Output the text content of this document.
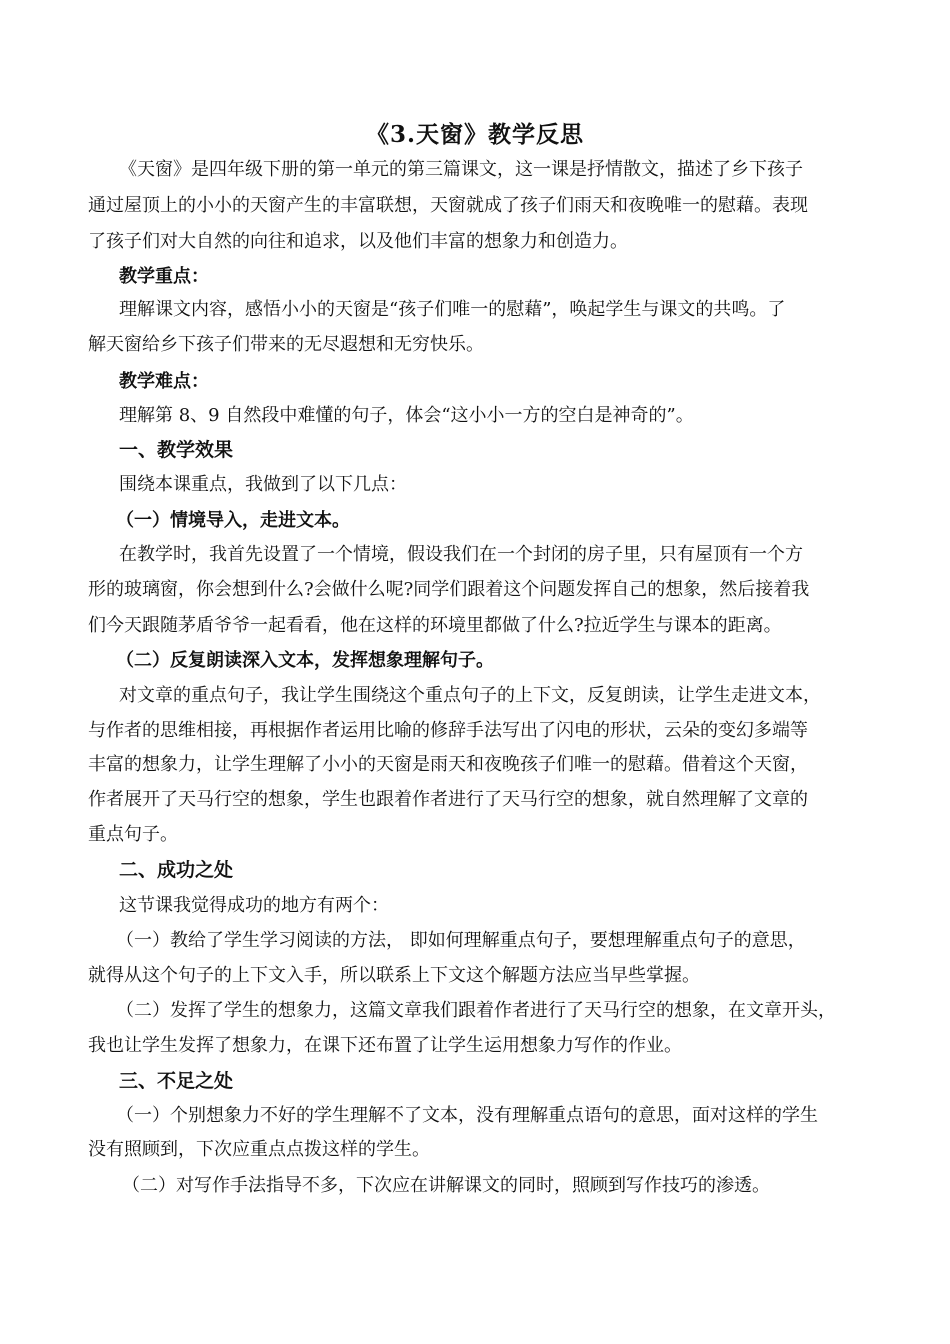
《3.天窗》教学反思
《天窗》是四年级下册的第一单元的第三篇课文，这一课是抒情散文，描述了乡下孩子
通过屋顶上的小小的天窗产生的丰富联想，天窗就成了孩子们雨天和夜晚唯一的慰藉。表现
了孩子们对大自然的向往和追求，以及他们丰富的想象力和创造力。
教学重点：
理解课文内容，感悟小小的天窗是“孩子们唯一的慰藉”，唤起学生与课文的共鸣。了
解天窗给乡下孩子们带来的无尽遐想和无穷快乐。
教学难点：
理解第 8、9 自然段中难懂的句子，体会“这小小一方的空白是神奇的”。
一、教学效果
围绕本课重点，我做到了以下几点：
（一）情境导入，走进文本。
在教学时，我首先设置了一个情境，假设我们在一个封闭的房子里，只有屋顶有一个方
形的玻璃窗，你会想到什么?会做什么呢?同学们跟着这个问题发挥自己的想象，然后接着我
们今天跟随茅盾爷爷一起看看，他在这样的环境里都做了什么?拉近学生与课本的距离。
（二）反复朗读深入文本，发挥想象理解句子。
对文章的重点句子，我让学生围绕这个重点句子的上下文，反复朗读，让学生走进文本，
与作者的思维相接，再根据作者运用比喻的修辞手法写出了闪电的形状，云朵的变幻多端等
丰富的想象力，让学生理解了小小的天窗是雨天和夜晚孩子们唯一的慰藉。借着这个天窗，
作者展开了天马行空的想象，学生也跟着作者进行了天马行空的想象，就自然理解了文章的
重点句子。
二、成功之处
这节课我觉得成功的地方有两个：
（一）教给了学生学习阅读的方法， 即如何理解重点句子，要想理解重点句子的意思，
就得从这个句子的上下文入手，所以联系上下文这个解题方法应当早些掌握。
（二）发挥了学生的想象力，这篇文章我们跟着作者进行了天马行空的想象，在文章开头，
我也让学生发挥了想象力，在课下还布置了让学生运用想象力写作的作业。
三、不足之处
（一）个别想象力不好的学生理解不了文本，没有理解重点语句的意思，面对这样的学生
没有照顾到，下次应重点点拨这样的学生。
（二）对写作手法指导不多，下次应在讲解课文的同时，照顾到写作技巧的渗透。
